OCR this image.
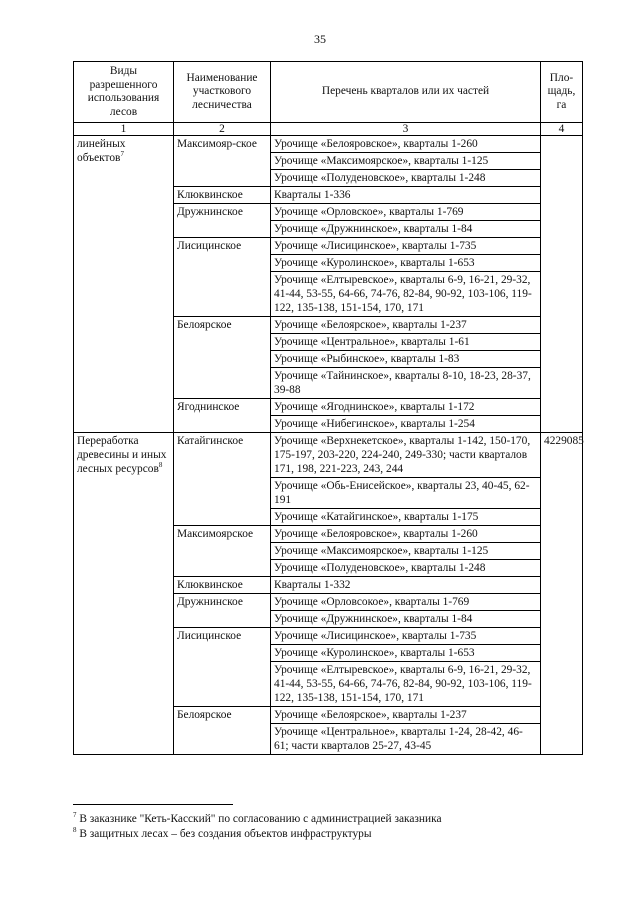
35
Виды разрешенного использования лесов	Наименование участкового лесничества	Перечень кварталов или их частей	Пло-щадь, га
1	2	3	4
линейных объектов$^7$	Максимояр-ское	Урочище «Белояровское», кварталы 1-260	
		Урочище «Максимоярское», кварталы 1-125	
		Урочище «Полуденовское», кварталы 1-248	
	Клюквинское	Кварталы 1-336	
	Дружнинское	Урочище «Орловское», кварталы 1-769	
		Урочище «Дружнинское», кварталы 1-84	
	Лисицинское	Урочище «Лисицинское», кварталы 1-735	
		Урочище «Куролинское», кварталы 1-653	
		Урочище «Елтыревское», кварталы 6-9, 16-21, 29-32, 41-44, 53-55, 64-66, 74-76, 82-84, 90-92, 103-106, 119-122, 135-138, 151-154, 170, 171	
	Белоярское	Урочище «Белоярское», кварталы 1-237	
		Урочище «Центральное», кварталы 1-61	
		Урочище «Рыбинское», кварталы 1-83	
		Урочище «Тайнинское», кварталы 8-10, 18-23, 28-37, 39-88	
	Ягоднинское	Урочище «Ягоднинское», кварталы 1-172	
		Урочище «Нибегинское», кварталы 1-254	
Переработка древесины и иных лесных ресурсов$^8$	Катайгинское	Урочище «Верхнекетское», кварталы 1-142, 150-170, 175-197, 203-220, 224-240, 249-330; части кварталов 171, 198, 221-223, 243, 244	4229085
		Урочище «Обь-Енисейское», кварталы 23, 40-45, 62-191	
		Урочище «Катайгинское», кварталы 1-175	
	Максимоярское	Урочище «Белояровское», кварталы 1-260	
		Урочище «Максимоярское», кварталы 1-125	
		Урочище «Полуденовское», кварталы 1-248	
	Клюквинское	Кварталы 1-332	
	Дружнинское	Урочище «Орловсокое», кварталы 1-769	
		Урочище «Дружнинское», кварталы 1-84	
	Лисицинское	Урочище «Лисицинское», кварталы 1-735	
		Урочище «Куролинское», кварталы 1-653	
		Урочище «Елтыревское», кварталы 6-9, 16-21, 29-32, 41-44, 53-55, 64-66, 74-76, 82-84, 90-92, 103-106, 119-122, 135-138, 151-154, 170, 171	
	Белоярское	Урочище «Белоярское», кварталы 1-237	
		Урочище «Центральное», кварталы 1-24, 28-42, 46-61; части кварталов 25-27, 43-45	
$^7$ В заказнике "Кеть-Касский" по согласованию с администрацией заказника
$^8$ В защитных лесах – без создания объектов инфраструктуры
